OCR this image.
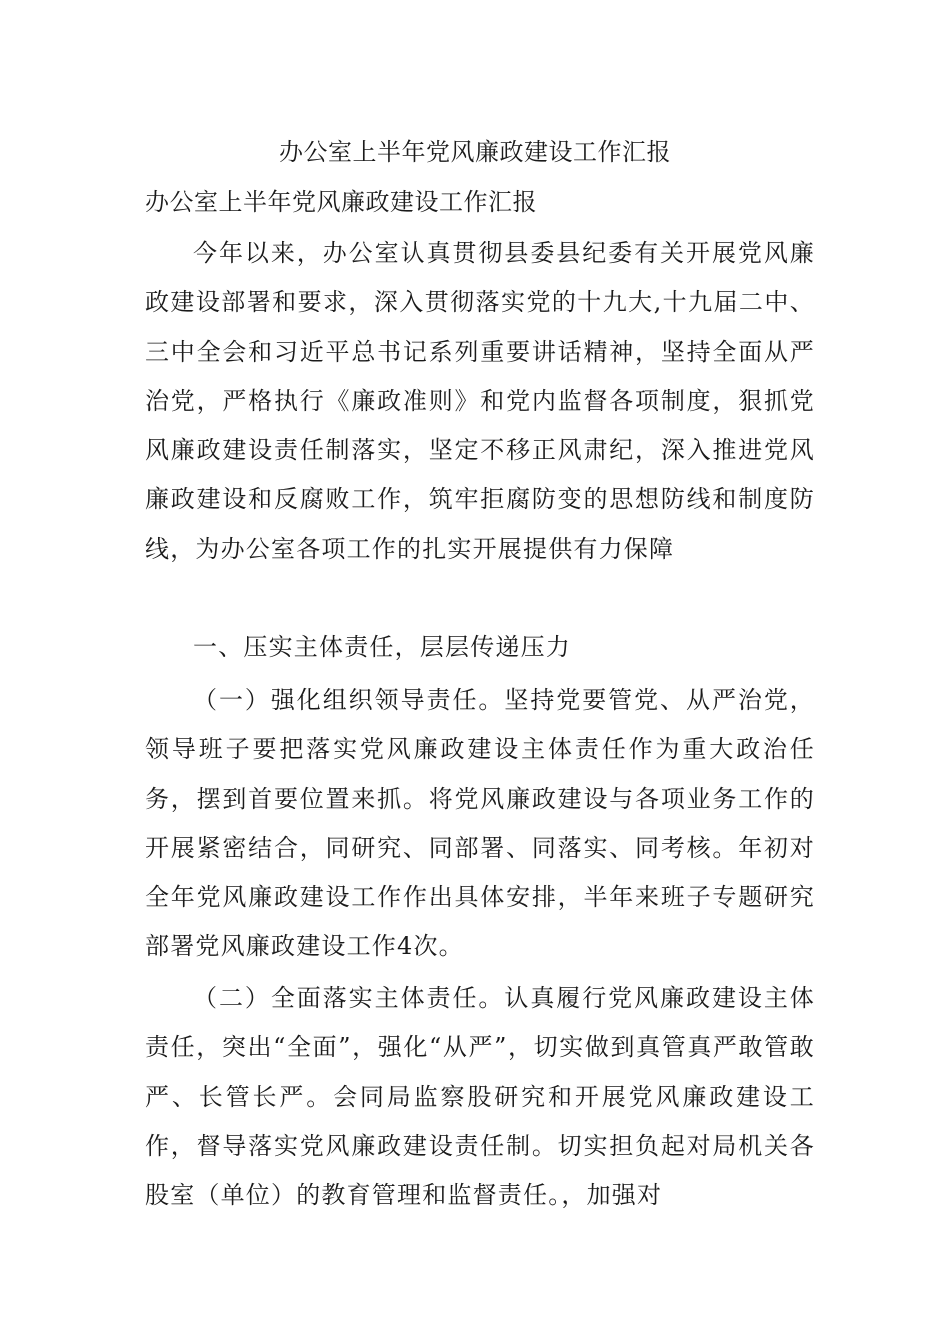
办公室上半年党风廉政建设工作汇报
办公室上半年党风廉政建设工作汇报

今年以来，办公室认真贯彻县委县纪委有关开展党风廉政建设部署和要求，深入贯彻落实党的十九大,十九届二中、三中全会和习近平总书记系列重要讲话精神，坚持全面从严治党，严格执行《廉政准则》和党内监督各项制度，狠抓党风廉政建设责任制落实，坚定不移正风肃纪，深入推进党风廉政建设和反腐败工作，筑牢拒腐防变的思想防线和制度防线，为办公室各项工作的扎实开展提供有力保障

一、压实主体责任，层层传递压力

（一）强化组织领导责任。坚持党要管党、从严治党，领导班子要把落实党风廉政建设主体责任作为重大政治任务，摆到首要位置来抓。将党风廉政建设与各项业务工作的开展紧密结合，同研究、同部署、同落实、同考核。年初对全年党风廉政建设工作作出具体安排，半年来班子专题研究部署党风廉政建设工作4次。

（二）全面落实主体责任。认真履行党风廉政建设主体责任，突出“全面”，强化“从严”，切实做到真管真严敢管敢严、长管长严。会同局监察股研究和开展党风廉政建设工作，督导落实党风廉政建设责任制。切实担负起对局机关各股室（单位）的教育管理和监督责任。，加强对
